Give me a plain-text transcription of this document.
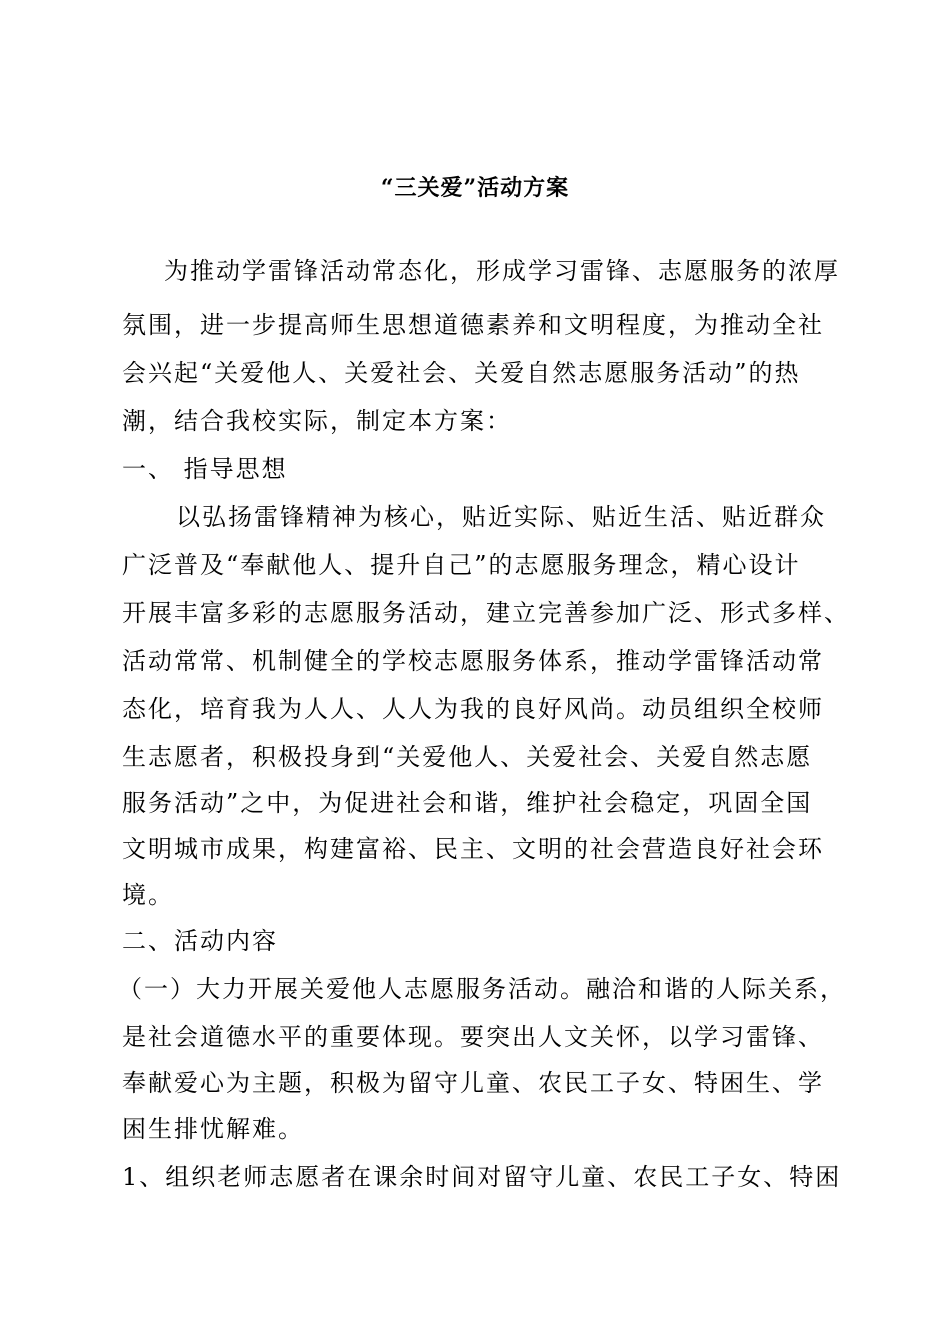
“三关爱”活动方案
为推动学雷锋活动常态化，形成学习雷锋、志愿服务的浓厚
氛围，进一步提高师生思想道德素养和文明程度，为推动全社
会兴起“关爱他人、关爱社会、关爱自然志愿服务活动”的热
潮，结合我校实际，制定本方案：
一、 指导思想
以弘扬雷锋精神为核心，贴近实际、贴近生活、贴近群众
广泛普及“奉献他人、提升自己”的志愿服务理念，精心设计
开展丰富多彩的志愿服务活动，建立完善参加广泛、形式多样、
活动常常、机制健全的学校志愿服务体系，推动学雷锋活动常
态化，培育我为人人、人人为我的良好风尚。动员组织全校师
生志愿者，积极投身到“关爱他人、关爱社会、关爱自然志愿
服务活动”之中，为促进社会和谐，维护社会稳定，巩固全国
文明城市成果，构建富裕、民主、文明的社会营造良好社会环
境。
二、活动内容
（一）大力开展关爱他人志愿服务活动。融洽和谐的人际关系，
是社会道德水平的重要体现。要突出人文关怀，以学习雷锋、
奉献爱心为主题，积极为留守儿童、农民工子女、特困生、学
困生排忧解难。
1、组织老师志愿者在课余时间对留守儿童、农民工子女、特困
